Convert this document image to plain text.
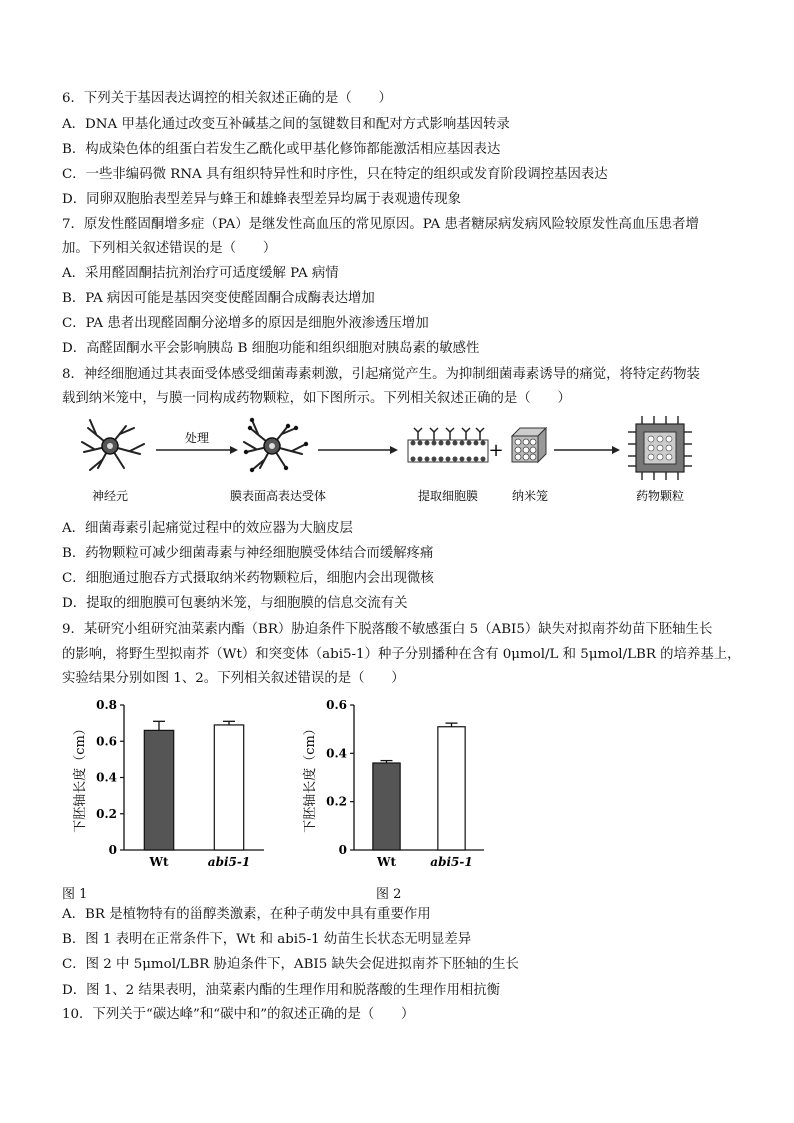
6．下列关于基因表达调控的相关叙述正确的是（　　）
A．DNA 甲基化通过改变互补碱基之间的氢键数目和配对方式影响基因转录
B．构成染色体的组蛋白若发生乙酰化或甲基化修饰都能激活相应基因表达
C．一些非编码微 RNA 具有组织特异性和时序性，只在特定的组织或发育阶段调控基因表达
D．同卵双胞胎表型差异与蜂王和雄蜂表型差异均属于表观遗传现象
7．原发性醛固酮增多症（PA）是继发性高血压的常见原因。PA 患者糖尿病发病风险较原发性高血压患者增
加。下列相关叙述错误的是（　　）
A．采用醛固酮拮抗剂治疗可适度缓解 PA 病情
B．PA 病因可能是基因突变使醛固酮合成酶表达增加
C．PA 患者出现醛固酮分泌增多的原因是细胞外液渗透压增加
D．高醛固酮水平会影响胰岛 B 细胞功能和组织细胞对胰岛素的敏感性
8．神经细胞通过其表面受体感受细菌毒素刺激，引起痛觉产生。为抑制细菌毒素诱导的痛觉，将特定药物装
载到纳米笼中，与膜一同构成药物颗粒，如下图所示。下列相关叙述正确的是（　　）
神经元
处理
膜表面高表达受体	提取细胞膜
+
纳米笼	药物颗粒
A．细菌毒素引起痛觉过程中的效应器为大脑皮层
B．药物颗粒可减少细菌毒素与神经细胞膜受体结合而缓解疼痛
C．细胞通过胞吞方式摄取纳米药物颗粒后，细胞内会出现微核
D．提取的细胞膜可包裹纳米笼，与细胞膜的信息交流有关
9．某研究小组研究油菜素内酯（BR）胁迫条件下脱落酸不敏感蛋白 5（ABI5）缺失对拟南芥幼苗下胚轴生长
的影响，将野生型拟南芥（Wt）和突变体（abi5-1）种子分别播种在含有 0μmol/L 和 5μmol/LBR 的培养基上，
实验结果分别如图 1、2。下列相关叙述错误的是（　　）
0
0.2
0.4
0.6
0.8
下胚轴长度（cm）
Wt	abi5-1
0
0.2
0.4
0.6
下胚轴长度（cm）
Wt	abi5-1
图 1	图 2
A．BR 是植物特有的甾醇类激素，在种子萌发中具有重要作用
B．图 1 表明在正常条件下，Wt 和 abi5-1 幼苗生长状态无明显差异
C．图 2 中 5μmol/LBR 胁迫条件下，ABI5 缺失会促进拟南芥下胚轴的生长
D．图 1、2 结果表明，油菜素内酯的生理作用和脱落酸的生理作用相抗衡
10．下列关于“碳达峰”和“碳中和”的叙述正确的是（　　）
